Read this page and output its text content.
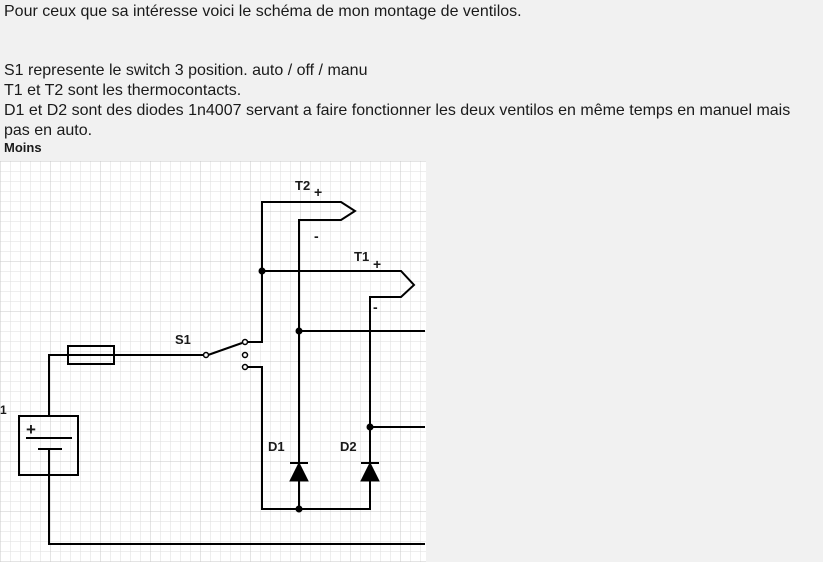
Pour ceux que sa intéresse voici le schéma de mon montage de ventilos.
S1 represente le switch 3 position. auto / off / manu
T1 et T2 sont les thermocontacts.
D1 et D2 sont des diodes 1n4007 servant a faire fonctionner les deux ventilos en même temps en manuel mais
pas en auto.
Moins
T2 +
-
T1 +
-
S1
D1	D2
1
+
